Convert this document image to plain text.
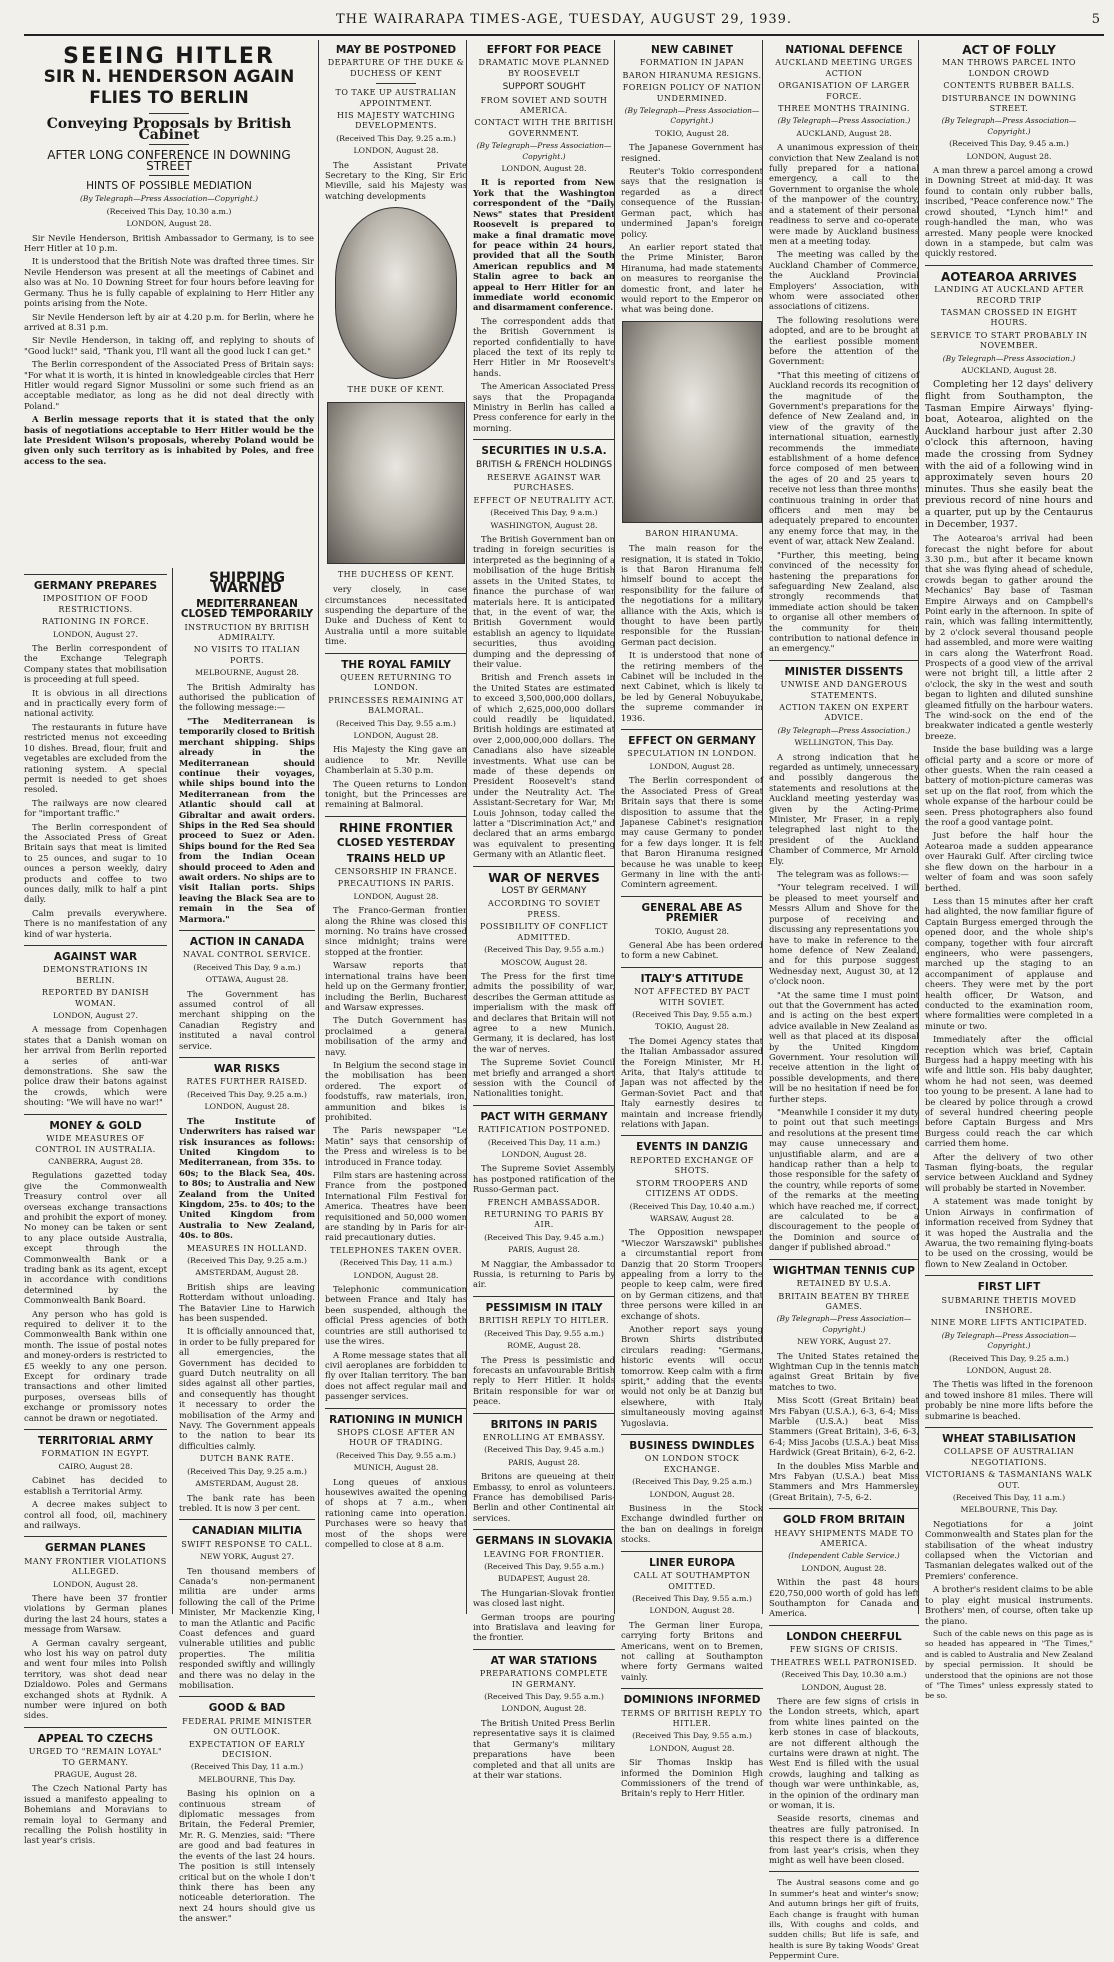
THE WAIRARAPA TIMES-AGE, TUESDAY, AUGUST 29, 1939.	5
SEEING HITLER
SIR N. HENDERSON AGAIN FLIES TO BERLIN
Conveying Proposals by British Cabinet
AFTER LONG CONFERENCE IN DOWNING STREET
HINTS OF POSSIBLE MEDIATION
(By Telegraph—Press Association—Copyright.)
(Received This Day, 10.30 a.m.)
LONDON, August 28.

Sir Nevile Henderson, British Ambassador to Germany, is to see Herr Hitler at 10 p.m.

It is understood that the British Note was drafted three times. Sir Nevile Henderson was present at all the meetings of Cabinet and also was at No. 10 Downing Street for four hours before leaving for Germany. Thus he is fully capable of explaining to Herr Hitler any points arising from the Note.

Sir Nevile Henderson left by air at 4.20 p.m. for Berlin, where he arrived at 8.31 p.m.

Sir Nevile Henderson, in taking off, and replying to shouts of "Good luck!" said, "Thank you, I'll want all the good luck I can get."

The Berlin correspondent of the Associated Press of Britain says: "For what it is worth, it is hinted in knowledgeable circles that Herr Hitler would regard Signor Mussolini or some such friend as an acceptable mediator, as long as he did not deal directly with Poland."

A Berlin message reports that it is stated that the only basis of negotiations acceptable to Herr Hitler would be the late President Wilson's proposals, whereby Poland would be given only such territory as is inhabited by Poles, and free access to the sea.

GERMANY PREPARES
IMPOSITION OF FOOD RESTRICTIONS.
RATIONING IN FORCE.
LONDON, August 27.

The Berlin correspondent of the Exchange Telegraph Company states that mobilisation is proceeding at full speed.

It is obvious in all directions and in practically every form of national activity.

The restaurants in future have restricted menus not exceeding 10 dishes. Bread, flour, fruit and vegetables are excluded from the rationing system. A special permit is needed to get shoes resoled.

The railways are now cleared for "important traffic."

The Berlin correspondent of the Associated Press of Great Britain says that meat is limited to 25 ounces, and sugar to 10 ounces a person weekly, dairy products and coffee to two ounces daily, milk to half a pint daily.

Calm prevails everywhere. There is no manifestation of any kind of war hysteria.

AGAINST WAR
DEMONSTRATIONS IN BERLIN.
REPORTED BY DANISH WOMAN.
LONDON, August 27.

A message from Copenhagen states that a Danish woman on her arrival from Berlin reported a series of anti-war demonstrations. She saw the police draw their batons against the crowds, which were shouting: "We will have no war!"

MONEY & GOLD
WIDE MEASURES OF CONTROL IN AUSTRALIA.
CANBERRA, August 28.

Regulations gazetted today give the Commonwealth Treasury control over all overseas exchange transactions and prohibit the export of money. No money can be taken or sent to any place outside Australia, except through the Commonwealth Bank or a trading bank as its agent, except in accordance with conditions determined by the Commonwealth Bank Board.

Any person who has gold is required to deliver it to the Commonwealth Bank within one month. The issue of postal notes and money-orders is restricted to £5 weekly to any one person. Except for ordinary trade transactions and other limited purposes, overseas bills of exchange or promissory notes cannot be drawn or negotiated.

TERRITORIAL ARMY
FORMATION IN EGYPT.
CAIRO, August 28.

Cabinet has decided to establish a Territorial Army.

A decree makes subject to control all food, oil, machinery and railways.

GERMAN PLANES
MANY FRONTIER VIOLATIONS ALLEGED.
LONDON, August 28.

There have been 37 frontier violations by German planes during the last 24 hours, states a message from Warsaw.

A German cavalry sergeant, who lost his way on patrol duty and went four miles into Polish territory, was shot dead near Dzialdowo. Poles and Germans exchanged shots at Rydnik. A number were injured on both sides.

APPEAL TO CZECHS
URGED TO "REMAIN LOYAL" TO GERMANY.
PRAGUE, August 28.

The Czech National Party has issued a manifesto appealing to Bohemians and Moravians to remain loyal to Germany and recalling the Polish hostility in last year's crisis.

SHIPPING WARNED
MEDITERRANEAN CLOSED TEMPORARILY
INSTRUCTION BY BRITISH ADMIRALTY.
NO VISITS TO ITALIAN PORTS.
MELBOURNE, August 28.

The British Admiralty has authorised the publication of the following message:—

"The Mediterranean is temporarily closed to British merchant shipping. Ships already in the Mediterranean should continue their voyages, while ships bound into the Mediterranean from the Atlantic should call at Gibraltar and await orders. Ships in the Red Sea should proceed to Suez or Aden. Ships bound for the Red Sea from the Indian Ocean should proceed to Aden and await orders. No ships are to visit Italian ports. Ships leaving the Black Sea are to remain in the Sea of Marmora."

ACTION IN CANADA
NAVAL CONTROL SERVICE.
(Received This Day, 9 a.m.)
OTTAWA, August 28.

The Government has assumed control of all merchant shipping on the Canadian Registry and instituted a naval control service.

WAR RISKS
RATES FURTHER RAISED.
(Received This Day, 9.25 a.m.)
LONDON, August 28.

The Institute of Underwriters has raised war risk insurances as follows: United Kingdom to Mediterranean, from 35s. to 60s; to the Black Sea, 40s. to 80s; to Australia and New Zealand from the United Kingdom, 25s. to 40s; to the United Kingdom from Australia to New Zealand, 40s. to 80s.

MEASURES IN HOLLAND.
(Received This Day, 9.25 a.m.)
AMSTERDAM, August 28.

British ships are leaving Rotterdam without unloading. The Batavier Line to Harwich has been suspended.

It is officially announced that, in order to be fully prepared for all emergencies, the Government has decided to guard Dutch neutrality on all sides against all other parties, and consequently has thought it necessary to order the mobilisation of the Army and Navy. The Government appeals to the nation to bear its difficulties calmly.

DUTCH BANK RATE.
(Received This Day, 9.25 a.m.)
AMSTERDAM, August 28.

The bank rate has been trebled. It is now 3 per cent.

CANADIAN MILITIA
SWIFT RESPONSE TO CALL.
NEW YORK, August 27.

Ten thousand members of Canada's non-permanent militia are under arms following the call of the Prime Minister, Mr Mackenzie King, to man the Atlantic and Pacific Coast defences and guard vulnerable utilities and public properties. The militia responded swiftly and willingly and there was no delay in the mobilisation.

GOOD & BAD
FEDERAL PRIME MINISTER ON OUTLOOK.
EXPECTATION OF EARLY DECISION.
(Received This Day, 11 a.m.)
MELBOURNE, This Day.

Basing his opinion on a continuous stream of diplomatic messages from Britain, the Federal Premier, Mr. R. G. Menzies, said: "There are good and bad features in the events of the last 24 hours. The position is still intensely critical but on the whole I don't think there has been any noticeable deterioration. The next 24 hours should give us the answer."

MAY BE POSTPONED
DEPARTURE OF THE DUKE & DUCHESS OF KENT
TO TAKE UP AUSTRALIAN APPOINTMENT.
HIS MAJESTY WATCHING DEVELOPMENTS.
(Received This Day, 9.25 a.m.)
LONDON, August 28.

The Assistant Private Secretary to the King, Sir Eric Mieville, said his Majesty was watching developments

THE DUKE OF KENT.
THE DUCHESS OF KENT.

very closely, in case circumstances necessitated suspending the departure of the Duke and Duchess of Kent to Australia until a more suitable time.

THE ROYAL FAMILY
QUEEN RETURNING TO LONDON.
PRINCESSES REMAINING AT BALMORAL.
(Received This Day, 9.55 a.m.)
LONDON, August 28.

His Majesty the King gave an audience to Mr. Neville Chamberlain at 5.30 p.m.

The Queen returns to London tonight, but the Princesses are remaining at Balmoral.

RHINE FRONTIER
CLOSED YESTERDAY
TRAINS HELD UP
CENSORSHIP IN FRANCE.
PRECAUTIONS IN PARIS.
LONDON, August 28.

The Franco-German frontier along the Rhine was closed this morning. No trains have crossed since midnight; trains were stopped at the frontier.

Warsaw reports that international trains have been held up on the Germany frontier, including the Berlin, Bucharest and Warsaw expresses.

The Dutch Government has proclaimed a general mobilisation of the army and navy.

In Belgium the second stage in the mobilisation has been ordered. The export of foodstuffs, raw materials, iron, ammunition and bikes is prohibited.

The Paris newspaper "Le Matin" says that censorship of the Press and wireless is to be introduced in France today.

Film stars are hastening across France from the postponed International Film Festival for America. Theatres have been requisitioned and 50,000 women are standing by in Paris for air-raid precautionary duties.

TELEPHONES TAKEN OVER.
(Received This Day, 11 a.m.)
LONDON, August 28.

Telephonic communication between France and Italy has been suspended, although the official Press agencies of both countries are still authorised to use the wires.

A Rome message states that all civil aeroplanes are forbidden to fly over Italian territory. The ban does not affect regular mail and passenger services.

RATIONING IN MUNICH
SHOPS CLOSE AFTER AN HOUR OF TRADING.
(Received This Day, 9.55 a.m.)
MUNICH, August 28.

Long queues of anxious housewives awaited the opening of shops at 7 a.m., when rationing came into operation. Purchases were so heavy that most of the shops were compelled to close at 8 a.m.

EFFORT FOR PEACE
DRAMATIC MOVE PLANNED BY ROOSEVELT
SUPPORT SOUGHT
FROM SOVIET AND SOUTH AMERICA.
CONTACT WITH THE BRITISH GOVERNMENT.
(By Telegraph—Press Association—Copyright.)
LONDON, August 28.

It is reported from New York that the Washington correspondent of the "Daily News" states that President Roosevelt is prepared to make a final dramatic move for peace within 24 hours, provided that all the South American republics and M Stalin agree to back an appeal to Herr Hitler for an immediate world economic and disarmament conference.

The correspondent adds that the British Government is reported confidentially to have placed the text of its reply to Herr Hitler in Mr Roosevelt's hands.

The American Associated Press says that the Propaganda Ministry in Berlin has called a Press conference for early in the morning.

SECURITIES IN U.S.A.
BRITISH & FRENCH HOLDINGS
RESERVE AGAINST WAR PURCHASES.
EFFECT OF NEUTRALITY ACT.
(Received This Day, 9 a.m.)
WASHINGTON, August 28.

The British Government ban on trading in foreign securities is interpreted as the beginning of a mobilisation of the huge British assets in the United States, to finance the purchase of war materials here. It is anticipated that, in the event of war, the British Government would establish an agency to liquidate securities, thus avoiding dumping and the depressing of their value.

British and French assets in the United States are estimated to exceed 3,500,000,000 dollars, of which 2,625,000,000 dollars could readily be liquidated. British holdings are estimated at over 2,000,000,000 dollars. The Canadians also have sizeable investments. What use can be made of these depends on President Roosevelt's stand under the Neutrality Act. The Assistant-Secretary for War, Mr Louis Johnson, today called the latter a "Discrimination Act," and declared that an arms embargo was equivalent to presenting Germany with an Atlantic fleet.

WAR OF NERVES
LOST BY GERMANY
ACCORDING TO SOVIET PRESS.
POSSIBILITY OF CONFLICT ADMITTED.
(Received This Day, 9.55 a.m.)
MOSCOW, August 28.

The Press for the first time admits the possibility of war, describes the German attitude as imperialism with the mask off and declares that Britain will not agree to a new Munich. Germany, it is declared, has lost the war of nerves.

The Supreme Soviet Council met briefly and arranged a short session with the Council of Nationalities tonight.

PACT WITH GERMANY
RATIFICATION POSTPONED.
(Received This Day, 11 a.m.)
LONDON, August 28.

The Supreme Soviet Assembly has postponed ratification of the Russo-German pact.

FRENCH AMBASSADOR.
RETURNING TO PARIS BY AIR.
(Received This Day, 9.45 a.m.)
PARIS, August 28.

M Naggiar, the Ambassador to Russia, is returning to Paris by air.

PESSIMISM IN ITALY
BRITISH REPLY TO HITLER.
(Received This Day, 9.55 a.m.)
ROME, August 28.

The Press is pessimistic and forecasts an unfavourable British reply to Herr Hitler. It holds Britain responsible for war or peace.

BRITONS IN PARIS
ENROLLING AT EMBASSY.
(Received This Day, 9.45 a.m.)
PARIS, August 28.

Britons are queueing at their Embassy, to enrol as volunteers. France has demobilised Paris-Berlin and other Continental air services.

GERMANS IN SLOVAKIA
LEAVING FOR FRONTIER.
(Received This Day, 9.55 a.m.)
BUDAPEST, August 28.

The Hungarian-Slovak frontier was closed last night.

German troops are pouring into Bratislava and leaving for the frontier.

AT WAR STATIONS
PREPARATIONS COMPLETE IN GERMANY.
(Received This Day, 9.55 a.m.)
LONDON, August 28.

The British United Press Berlin representative says it is claimed that Germany's military preparations have been completed and that all units are at their war stations.

NEW CABINET
FORMATION IN JAPAN
BARON HIRANUMA RESIGNS.
FOREIGN POLICY OF NATION UNDERMINED.
(By Telegraph—Press Association—Copyright.)
TOKIO, August 28.

The Japanese Government has resigned.

Reuter's Tokio correspondent says that the resignation is regarded as a direct consequence of the Russian-German pact, which has undermined Japan's foreign policy.

An earlier report stated that the Prime Minister, Baron Hiranuma, had made statements on measures to reorganise the domestic front, and later he would report to the Emperor on what was being done.

BARON HIRANUMA.

The main reason for the resignation, it is stated in Tokio, is that Baron Hiranuma felt himself bound to accept the responsibility for the failure of the negotiations for a military alliance with the Axis, which is thought to have been partly responsible for the Russian-German pact decision.

It is understood that none of the retiring members of the Cabinet will be included in the next Cabinet, which is likely to be led by General Nobuyukabe, the supreme commander in 1936.

EFFECT ON GERMANY
SPECULATION IN LONDON.
LONDON, August 28.

The Berlin correspondent of the Associated Press of Great Britain says that there is some disposition to assume that the Japanese Cabinet's resignation may cause Germany to ponder for a few days longer. It is felt that Baron Hiranuma resigned because he was unable to keep Germany in line with the anti-Comintern agreement.

GENERAL ABE AS PREMIER
TOKIO, August 28.

General Abe has been ordered to form a new Cabinet.

ITALY'S ATTITUDE
NOT AFFECTED BY PACT WITH SOVIET.
(Received This Day, 9.55 a.m.)
TOKIO, August 28.

The Domei Agency states that the Italian Ambassador assured the Foreign Minister, Mr H. Arita, that Italy's attitude to Japan was not affected by the German-Soviet Pact and that Italy earnestly desires to maintain and increase friendly relations with Japan.

EVENTS IN DANZIG
REPORTED EXCHANGE OF SHOTS.
STORM TROOPERS AND CITIZENS AT ODDS.
(Received This Day, 10.40 a.m.)
WARSAW, August 28.

The Opposition newspaper "Wieczor Warszawski" publishes a circumstantial report from Danzig that 20 Storm Troopers appealing from a lorry to the people to keep calm, were fired on by German citizens, and that three persons were killed in an exchange of shots.

Another report says young Brown Shirts distributed circulars reading: "Germans, historic events will occur tomorrow. Keep calm with a firm spirit," adding that the events would not only be at Danzig but elsewhere, with Italy simultaneously moving against Yugoslavia.

BUSINESS DWINDLES
ON LONDON STOCK EXCHANGE.
(Received This Day, 9.25 a.m.)
LONDON, August 28.

Business in the Stock Exchange dwindled further on the ban on dealings in foreign stocks.

LINER EUROPA
CALL AT SOUTHAMPTON OMITTED.
(Received This Day, 9.55 a.m.)
LONDON, August 28.

The German liner Europa, carrying forty Britons and Americans, went on to Bremen, not calling at Southampton where forty Germans waited vainly.

DOMINIONS INFORMED
TERMS OF BRITISH REPLY TO HITLER.
(Received This Day, 9.55 a.m.)
LONDON, August 28.

Sir Thomas Inskip has informed the Dominion High Commissioners of the trend of Britain's reply to Herr Hitler.

NATIONAL DEFENCE
AUCKLAND MEETING URGES ACTION
ORGANISATION OF LARGER FORCE.
THREE MONTHS TRAINING.
(By Telegraph—Press Association.)
AUCKLAND, August 28.

A unanimous expression of their conviction that New Zealand is not fully prepared for a national emergency, a call to the Government to organise the whole of the manpower of the country, and a statement of their personal readiness to serve and co-operate were made by Auckland business men at a meeting today.

The meeting was called by the Auckland Chamber of Commerce, the Auckland Provincial Employers' Association, with whom were associated other associations of citizens.

The following resolutions were adopted, and are to be brought at the earliest possible moment before the attention of the Government:

"That this meeting of citizens of Auckland records its recognition of the magnitude of the Government's preparations for the defence of New Zealand and, in view of the gravity of the international situation, earnestly recommends the immediate establishment of a home defence force composed of men between the ages of 20 and 25 years to receive not less than three months' continuous training in order that officers and men may be adequately prepared to encounter any enemy force that may, in the event of war, attack New Zealand.

"Further, this meeting, being convinced of the necessity for hastening the preparations for safeguarding New Zealand, also strongly recommends that immediate action should be taken to organise all other members of the community for their contribution to national defence in an emergency."

MINISTER DISSENTS
UNWISE AND DANGEROUS STATEMENTS.
ACTION TAKEN ON EXPERT ADVICE.
(By Telegraph—Press Association.)
WELLINGTON, This Day.

A strong indication that he regarded as untimely, unnecessary and possibly dangerous the statements and resolutions at the Auckland meeting yesterday was given by the Acting-Prime Minister, Mr Fraser, in a reply telegraphed last night to the president of the Auckland Chamber of Commerce, Mr Arnold Ely.

The telegram was as follows:—

"Your telegram received. I will be pleased to meet yourself and Messrs Allum and Shove for the purpose of receiving and discussing any representations you have to make in reference to the home defence of New Zealand, and for this purpose suggest Wednesday next, August 30, at 12 o'clock noon.

"At the same time I must point out that the Government has acted and is acting on the best expert advice available in New Zealand as well as that placed at its disposal by the United Kingdom Government. Your resolution will receive attention in the light of possible developments, and there will be no hesitation if need be for further steps.

"Meanwhile I consider it my duty to point out that such meetings and resolutions at the present time may cause unnecessary and unjustifiable alarm, and are a handicap rather than a help to those responsible for the safety of the country, while reports of some of the remarks at the meeting which have reached me, if correct, are calculated to be a discouragement to the people of the Dominion and source of danger if published abroad."

WIGHTMAN TENNIS CUP
RETAINED BY U.S.A.
BRITAIN BEATEN BY THREE GAMES.
(By Telegraph—Press Association—Copyright.)
NEW YORK, August 27.

The United States retained the Wightman Cup in the tennis match against Great Britain by five matches to two.

Miss Scott (Great Britain) beat Mrs Fabyan (U.S.A.), 6-3, 6-4; Miss Marble (U.S.A.) beat Miss Stammers (Great Britain), 3-6, 6-3, 6-4; Miss Jacobs (U.S.A.) beat Miss Hardwick (Great Britain), 6-2, 6-2.

In the doubles Miss Marble and Mrs Fabyan (U.S.A.) beat Miss Stammers and Mrs Hammersley (Great Britain), 7-5, 6-2.

GOLD FROM BRITAIN
HEAVY SHIPMENTS MADE TO AMERICA.
(Independent Cable Service.)
LONDON, August 28.

Within the past 48 hours £20,750,000 worth of gold has left Southampton for Canada and America.

LONDON CHEERFUL
FEW SIGNS OF CRISIS.
THEATRES WELL PATRONISED.
(Received This Day, 10.30 a.m.)
LONDON, August 28.

There are few signs of crisis in the London streets, which, apart from white lines painted on the kerb stones in case of blackouts, are not different although the curtains were drawn at night. The West End is filled with the usual crowds, laughing and talking as though war were unthinkable, as, in the opinion of the ordinary man or woman, it is.

Seaside resorts, cinemas and theatres are fully patronised. In this respect there is a difference from last year's crisis, when they might as well have been closed.

The Austral seasons come and go In summer's heat and winter's snow; And autumn brings her gift of fruits, Each change is fraught with human ills, With coughs and colds, and sudden chills; But life is safe, and health is sure By taking Woods' Great Peppermint Cure.

ACT OF FOLLY
MAN THROWS PARCEL INTO LONDON CROWD
CONTENTS RUBBER BALLS.
DISTURBANCE IN DOWNING STREET.
(By Telegraph—Press Association—Copyright.)
(Received This Day, 9.45 a.m.)
LONDON, August 28.

A man threw a parcel among a crowd in Downing Street at mid-day. It was found to contain only rubber balls, inscribed, "Peace conference now." The crowd shouted, "Lynch him!" and rough-handled the man, who was arrested. Many people were knocked down in a stampede, but calm was quickly restored.

AOTEAROA ARRIVES
LANDING AT AUCKLAND AFTER RECORD TRIP
TASMAN CROSSED IN EIGHT HOURS.
SERVICE TO START PROBABLY IN NOVEMBER.
(By Telegraph—Press Association.)
AUCKLAND, August 28.

Completing her 12 days' delivery flight from Southampton, the Tasman Empire Airways' flying-boat, Aotearoa, alighted on the Auckland harbour just after 2.30 o'clock this afternoon, having made the crossing from Sydney with the aid of a following wind in approximately seven hours 20 minutes. Thus she easily beat the previous record of nine hours and a quarter, put up by the Centaurus in December, 1937.

The Aotearoa's arrival had been forecast the night before for about 3.30 p.m., but after it became known that she was flying ahead of schedule, crowds began to gather around the Mechanics' Bay base of Tasman Empire Airways and on Campbell's Point early in the afternoon. In spite of rain, which was falling intermittently, by 2 o'clock several thousand people had assembled, and more were waiting in cars along the Waterfront Road. Prospects of a good view of the arrival were not bright till, a little after 2 o'clock, the sky in the west and south began to lighten and diluted sunshine gleamed fitfully on the harbour waters. The wind-sock on the end of the breakwater indicated a gentle westerly breeze.

Inside the base building was a large official party and a score or more of other guests. When the rain ceased a battery of motion-picture cameras was set up on the flat roof, from which the whole expanse of the harbour could be seen. Press photographers also found the roof a good vantage point.

Just before the half hour the Aotearoa made a sudden appearance over Hauraki Gulf. After circling twice she flew down on the harbour in a welter of foam and was soon safely berthed.

Less than 15 minutes after her craft had alighted, the now familiar figure of Captain Burgess emerged through the opened door, and the whole ship's company, together with four aircraft engineers, who were passengers, marched up the staging to an accompaniment of applause and cheers. They were met by the port health officer, Dr Watson, and conducted to the examination room, where formalities were completed in a minute or two.

Immediately after the official reception which was brief, Captain Burgess had a happy meeting with his wife and little son. His baby daughter, whom he had not seen, was deemed too young to be present. A lane had to be cleared by police through a crowd of several hundred cheering people before Captain Burgess and Mrs Burgess could reach the car which carried them home.

After the delivery of two other Tasman flying-boats, the regular service between Auckland and Sydney will probably be started in November.

A statement was made tonight by Union Airways in confirmation of information received from Sydney that it was hoped the Australia and the Awarua, the two remaining flying-boats to be used on the crossing, would be flown to New Zealand in October.

FIRST LIFT
SUBMARINE THETIS MOVED INSHORE.
NINE MORE LIFTS ANTICIPATED.
(By Telegraph—Press Association—Copyright.)
(Received This Day, 9.25 a.m.)
LONDON, August 28.

The Thetis was lifted in the forenoon and towed inshore 81 miles. There will probably be nine more lifts before the submarine is beached.

WHEAT STABILISATION
COLLAPSE OF AUSTRALIAN NEGOTIATIONS.
VICTORIANS & TASMANIANS WALK OUT.
(Received This Day, 11 a.m.)
MELBOURNE, This Day.

Negotiations for a joint Commonwealth and States plan for the stabilisation of the wheat industry collapsed when the Victorian and Tasmanian delegates walked out of the Premiers' conference.

A brother's resident claims to be able to play eight musical instruments. Brothers' men, of course, often take up the piano.

Such of the cable news on this page as is so headed has appeared in "The Times," and is cabled to Australia and New Zealand by special permission. It should be understood that the opinions are not those of "The Times" unless expressly stated to be so.
